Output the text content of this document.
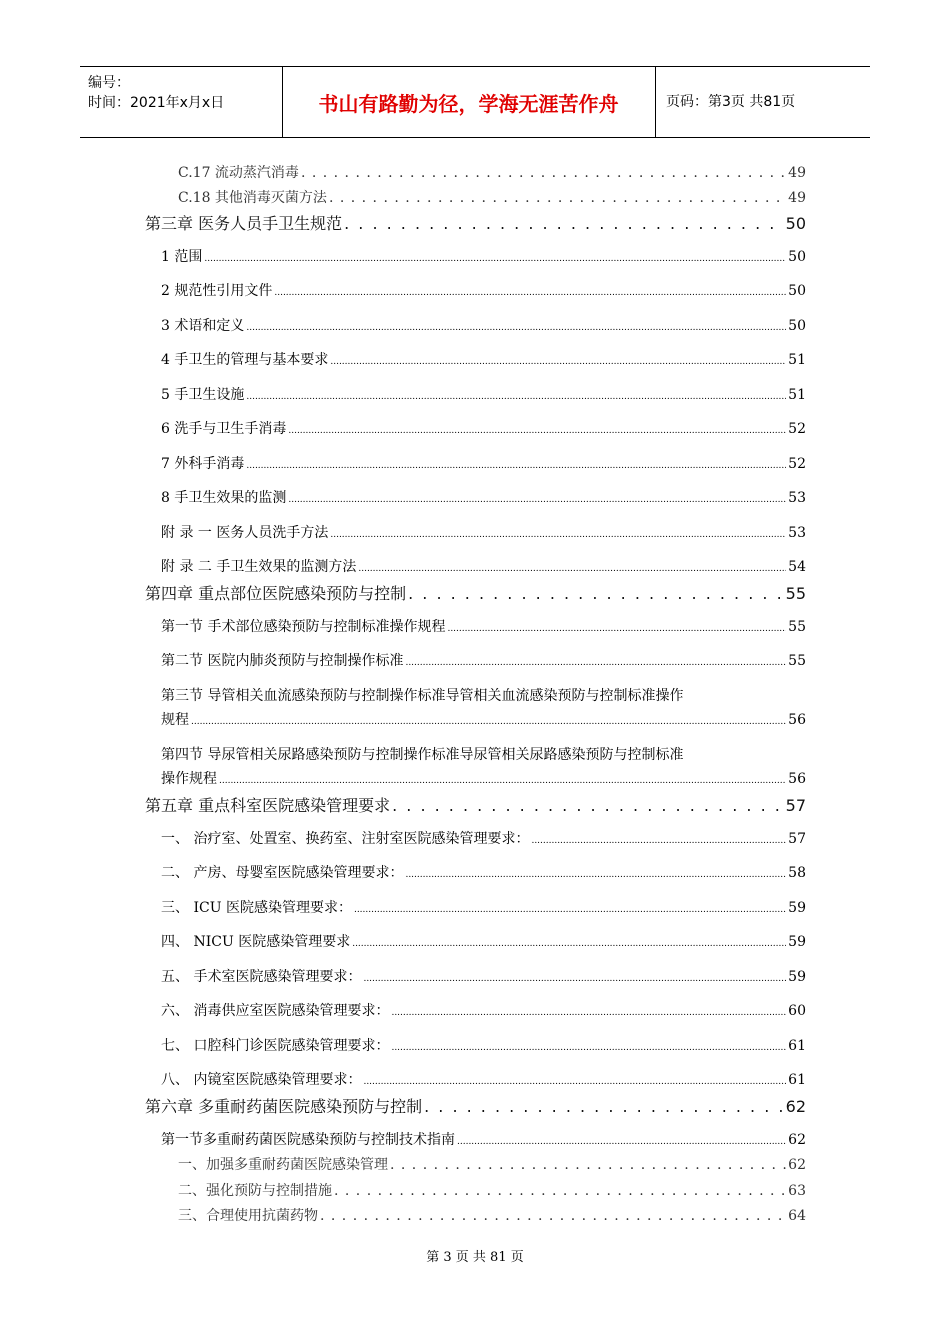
编号：
时间：2021年x月x日	书山有路勤为径，学海无涯苦作舟	页码：第3页 共81页
C.17 流动蒸汽消毒 . . .	49
C.18 其他消毒灭菌方法 . . .	49
第三章 医务人员手卫生规范 . . .	50
1 范围 .....	50
2 规范性引用文件 .....	50
3 术语和定义 .....	50
4 手卫生的管理与基本要求 .....	51
5 手卫生设施 .....	51
6 洗手与卫生手消毒 .....	52
7 外科手消毒 .....	52
8 手卫生效果的监测 .....	53
附 录 一 医务人员洗手方法 .....	53
附 录 二 手卫生效果的监测方法 .....	54
第四章 重点部位医院感染预防与控制 . . .	55
第一节 手术部位感染预防与控制标准操作规程 .....	55
第二节 医院内肺炎预防与控制操作标准 .....	55
第三节 导管相关血流感染预防与控制操作标准导管相关血流感染预防与控制标准操作
规程 .....	56
第四节 导尿管相关尿路感染预防与控制操作标准导尿管相关尿路感染预防与控制标准
操作规程 .....	56
第五章 重点科室医院感染管理要求 . . .	57
一、 治疗室、处置室、换药室、注射室医院感染管理要求： .....	57
二、 产房、母婴室医院感染管理要求： .....	58
三、 ICU 医院感染管理要求： .....	59
四、 NICU 医院感染管理要求 .....	59
五、 手术室医院感染管理要求： .....	59
六、 消毒供应室医院感染管理要求： .....	60
七、 口腔科门诊医院感染管理要求： .....	61
八、 内镜室医院感染管理要求： .....	61
第六章 多重耐药菌医院感染预防与控制 . . .	62
第一节多重耐药菌医院感染预防与控制技术指南 .....	62
一、加强多重耐药菌医院感染管理 . . .	62
二、强化预防与控制措施 . . .	63
三、合理使用抗菌药物 . . .	64
第 3 页 共 81 页
